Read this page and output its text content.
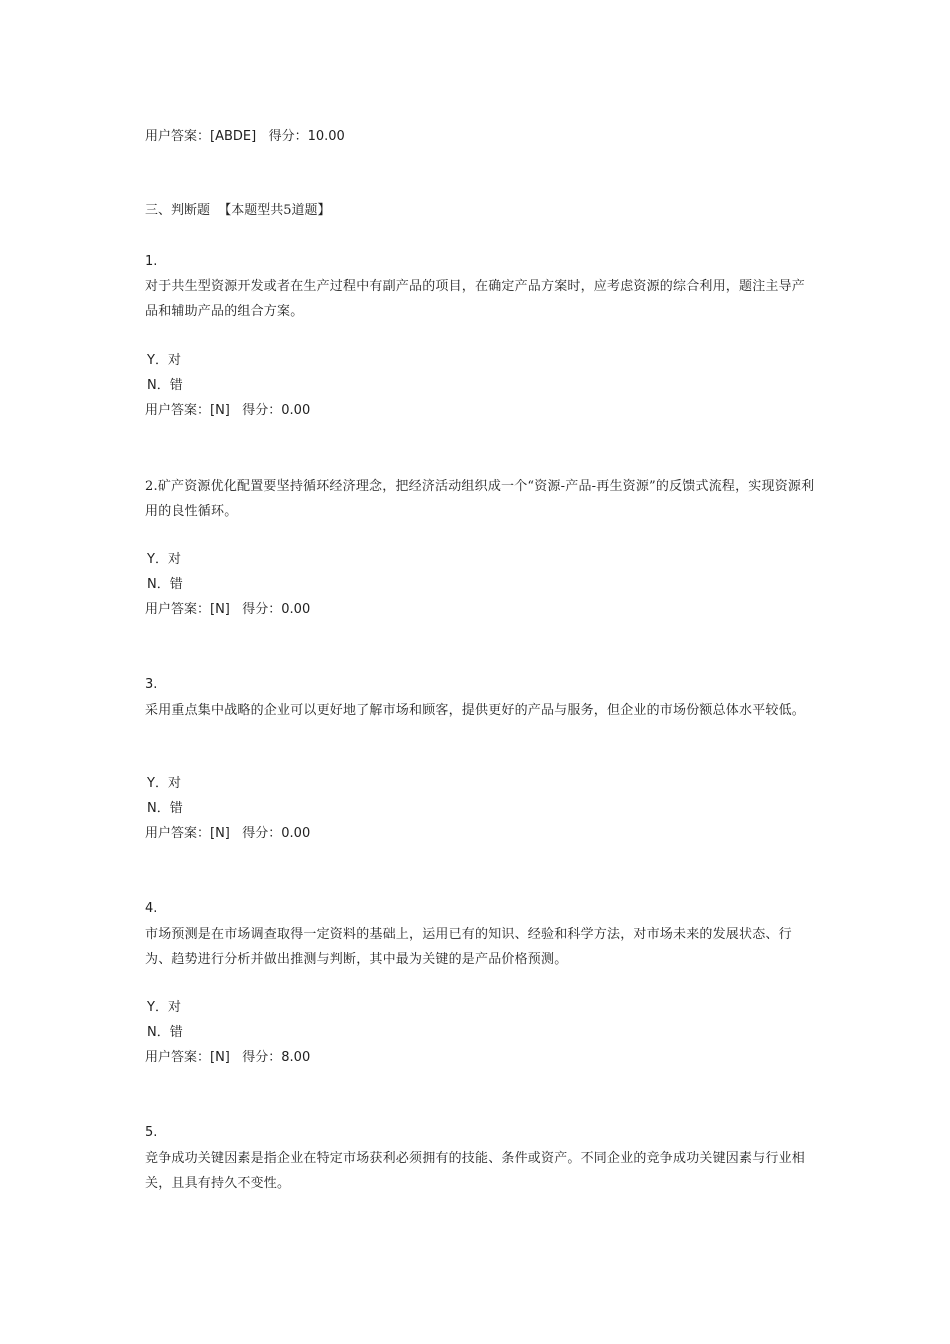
用户答案：[ABDE] 得分：10.00
三、判断题 【本题型共5道题】
1.
对于共生型资源开发或者在生产过程中有副产品的项目，在确定产品方案时，应考虑资源的综合利用，题注主导产品和辅助产品的组合方案。
Y．对
N．错
用户答案：[N] 得分：0.00
2.矿产资源优化配置要坚持循环经济理念，把经济活动组织成一个“资源-产品-再生资源”的反馈式流程，实现资源利用的良性循环。
Y．对
N．错
用户答案：[N] 得分：0.00
3.
采用重点集中战略的企业可以更好地了解市场和顾客，提供更好的产品与服务，但企业的市场份额总体水平较低。
Y．对
N．错
用户答案：[N] 得分：0.00
4.
市场预测是在市场调查取得一定资料的基础上，运用已有的知识、经验和科学方法，对市场未来的发展状态、行为、趋势进行分析并做出推测与判断，其中最为关键的是产品价格预测。
Y．对
N．错
用户答案：[N] 得分：8.00
5.
竞争成功关键因素是指企业在特定市场获利必须拥有的技能、条件或资产。不同企业的竞争成功关键因素与行业相关，且具有持久不变性。
